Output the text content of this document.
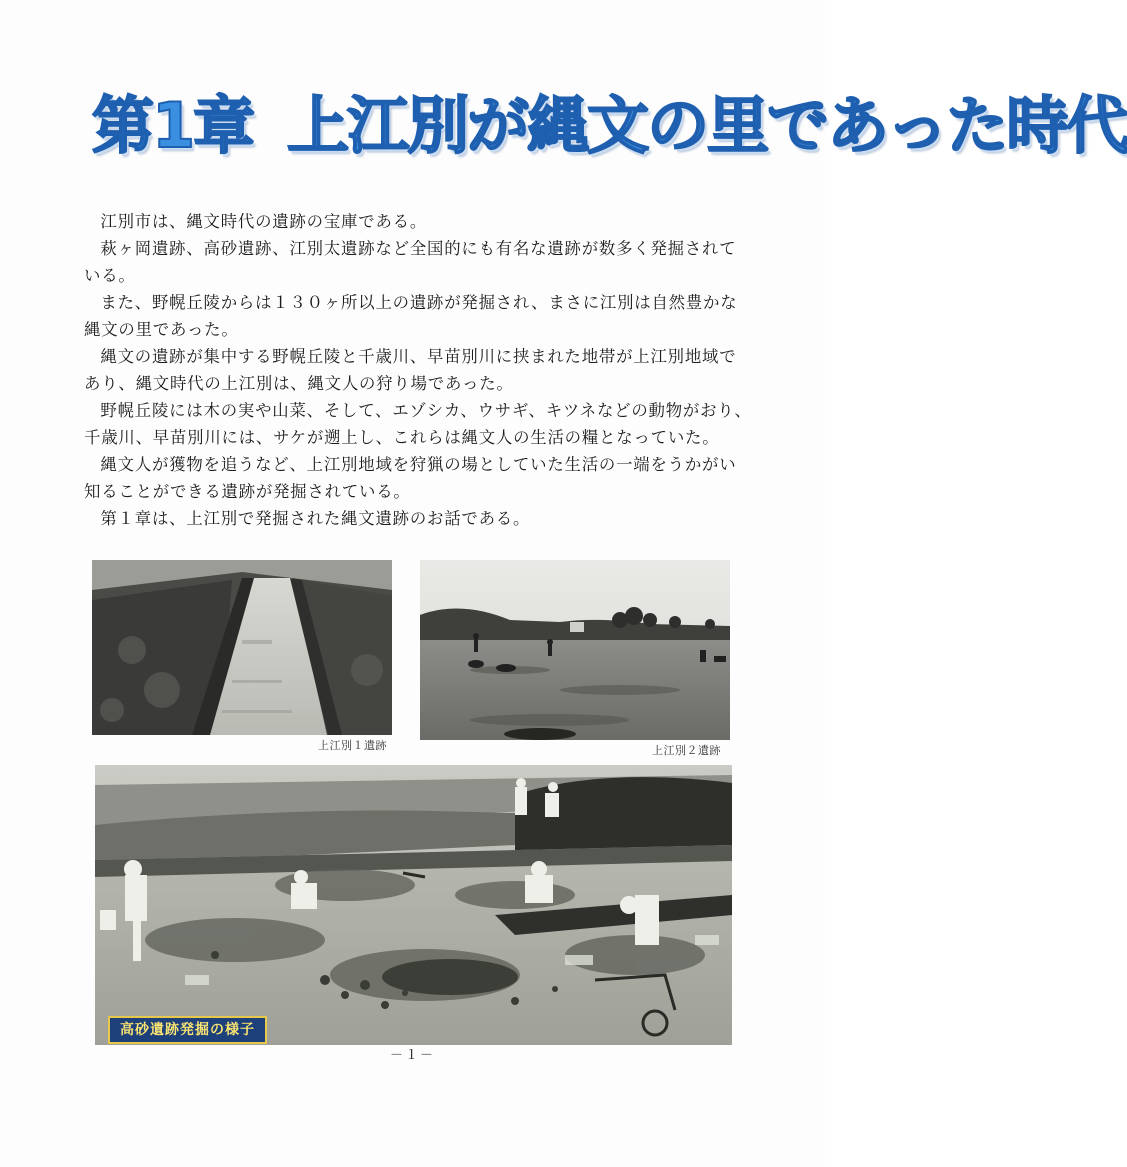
第1章 上江別が縄文の里であった時代

江別市は、縄文時代の遺跡の宝庫である。

萩ヶ岡遺跡、高砂遺跡、江別太遺跡など全国的にも有名な遺跡が数多く発掘されている。

また、野幌丘陵からは１３０ヶ所以上の遺跡が発掘され、まさに江別は自然豊かな縄文の里であった。

縄文の遺跡が集中する野幌丘陵と千歳川、早苗別川に挟まれた地帯が上江別地域であり、縄文時代の上江別は、縄文人の狩り場であった。

野幌丘陵には木の実や山菜、そして、エゾシカ、ウサギ、キツネなどの動物がおり、千歳川、早苗別川には、サケが遡上し、これらは縄文人の生活の糧となっていた。

縄文人が獲物を追うなど、上江別地域を狩猟の場としていた生活の一端をうかがい知ることができる遺跡が発掘されている。

第１章は、上江別で発掘された縄文遺跡のお話である。

上江別１遺跡	上江別２遺跡
高砂遺跡発掘の様子
－１－
